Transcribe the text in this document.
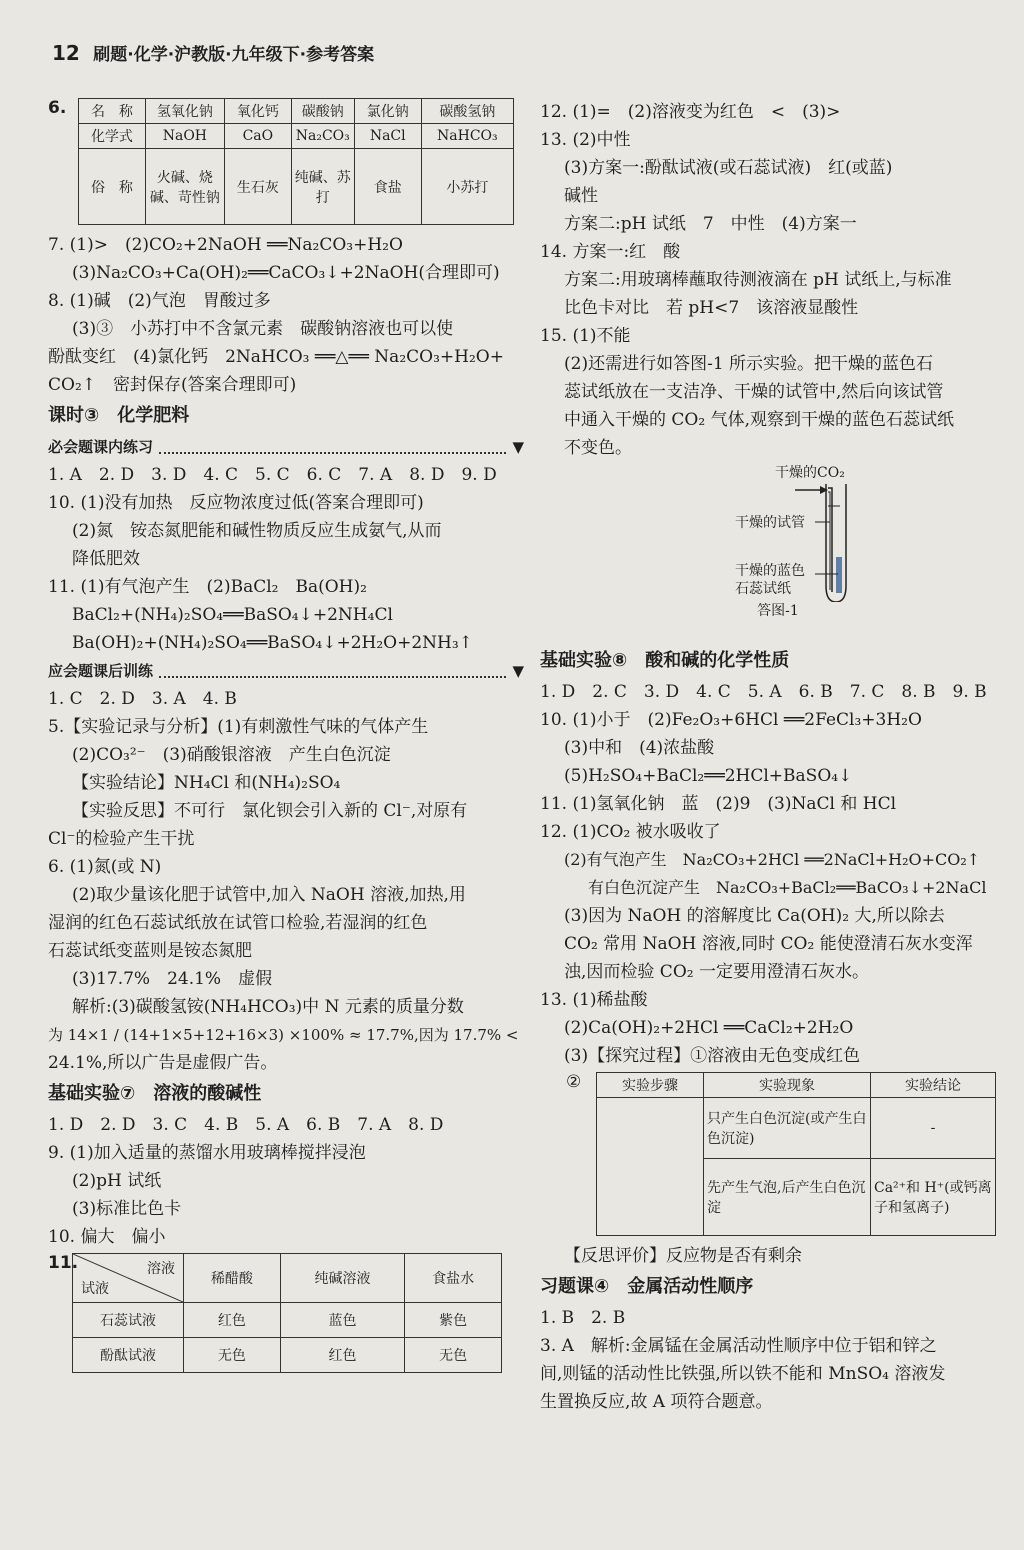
12 刷题·化学·沪教版·九年级下·参考答案
6.	名　称	氢氧化钠	氧化钙	碳酸钠	氯化钠	碳酸氢钠
化学式	NaOH	CaO	Na₂CO₃	NaCl	NaHCO₃
俗　称	火碱、烧碱、苛性钠	生石灰	纯碱、苏打	食盐	小苏打
7. (1)>　(2)CO₂+2NaOH ══Na₂CO₃+H₂O
(3)Na₂CO₃+Ca(OH)₂══CaCO₃↓+2NaOH(合理即可)
8. (1)碱　(2)气泡　胃酸过多
(3)③　小苏打中不含氯元素　碳酸钠溶液也可以使
酚酞变红　(4)氯化钙　2NaHCO₃ ══△══ Na₂CO₃+H₂O+
CO₂↑　密封保存(答案合理即可)
课时③　化学肥料
必会题课内练习	▼
1. A　2. D　3. D　4. C　5. C　6. C　7. A　8. D　9. D
10. (1)没有加热　反应物浓度过低(答案合理即可)
(2)氮　铵态氮肥能和碱性物质反应生成氨气,从而
降低肥效
11. (1)有气泡产生　(2)BaCl₂　Ba(OH)₂
BaCl₂+(NH₄)₂SO₄══BaSO₄↓+2NH₄Cl
Ba(OH)₂+(NH₄)₂SO₄══BaSO₄↓+2H₂O+2NH₃↑
应会题课后训练	▼
1. C　2. D　3. A　4. B
5.【实验记录与分析】(1)有刺激性气味的气体产生
(2)CO₃²⁻　(3)硝酸银溶液　产生白色沉淀
【实验结论】NH₄Cl 和(NH₄)₂SO₄
【实验反思】不可行　氯化钡会引入新的 Cl⁻,对原有
Cl⁻的检验产生干扰
6. (1)氮(或 N)
(2)取少量该化肥于试管中,加入 NaOH 溶液,加热,用
湿润的红色石蕊试纸放在试管口检验,若湿润的红色
石蕊试纸变蓝则是铵态氮肥
(3)17.7%　24.1%　虚假
解析:(3)碳酸氢铵(NH₄HCO₃)中 N 元素的质量分数
为 14×1 / (14+1×5+12+16×3) ×100% ≈ 17.7%,因为 17.7% <
24.1%,所以广告是虚假广告。
基础实验⑦　溶液的酸碱性
1. D　2. D　3. C　4. B　5. A　6. B　7. A　8. D
9. (1)加入适量的蒸馏水用玻璃棒搅拌浸泡
(2)pH 试纸
(3)标准比色卡
10. 偏大　偏小
11.	溶液
试液	稀醋酸	纯碱溶液	食盐水
石蕊试液	红色	蓝色	紫色
酚酞试液	无色	红色	无色
12. (1)=　(2)溶液变为红色　<　(3)>
13. (2)中性
(3)方案一:酚酞试液(或石蕊试液)　红(或蓝)
碱性
方案二:pH 试纸　7　中性　(4)方案一
14. 方案一:红　酸
方案二:用玻璃棒蘸取待测液滴在 pH 试纸上,与标准
比色卡对比　若 pH<7　该溶液显酸性
15. (1)不能
(2)还需进行如答图-1 所示实验。把干燥的蓝色石
蕊试纸放在一支洁净、干燥的试管中,然后向该试管
中通入干燥的 CO₂ 气体,观察到干燥的蓝色石蕊试纸
不变色。
干燥的CO₂
干燥的试管
干燥的蓝色
石蕊试纸
答图-1
基础实验⑧　酸和碱的化学性质
1. D　2. C　3. D　4. C　5. A　6. B　7. C　8. B　9. B
10. (1)小于　(2)Fe₂O₃+6HCl ══2FeCl₃+3H₂O
(3)中和　(4)浓盐酸
(5)H₂SO₄+BaCl₂══2HCl+BaSO₄↓
11. (1)氢氧化钠　蓝　(2)9　(3)NaCl 和 HCl
12. (1)CO₂ 被水吸收了
(2)有气泡产生　Na₂CO₃+2HCl ══2NaCl+H₂O+CO₂↑
有白色沉淀产生　Na₂CO₃+BaCl₂══BaCO₃↓+2NaCl
(3)因为 NaOH 的溶解度比 Ca(OH)₂ 大,所以除去
CO₂ 常用 NaOH 溶液,同时 CO₂ 能使澄清石灰水变浑
浊,因而检验 CO₂ 一定要用澄清石灰水。
13. (1)稀盐酸
(2)Ca(OH)₂+2HCl ══CaCl₂+2H₂O
(3)【探究过程】①溶液由无色变成红色
②	实验步骤	实验现象	实验结论
	只产生白色沉淀(或产生白色沉淀)	-
	先产生气泡,后产生白色沉淀	Ca²⁺和 H⁺(或钙离子和氢离子)
【反思评价】反应物是否有剩余
习题课④　金属活动性顺序
1. B　2. B
3. A　解析:金属锰在金属活动性顺序中位于铝和锌之
间,则锰的活动性比铁强,所以铁不能和 MnSO₄ 溶液发
生置换反应,故 A 项符合题意。
